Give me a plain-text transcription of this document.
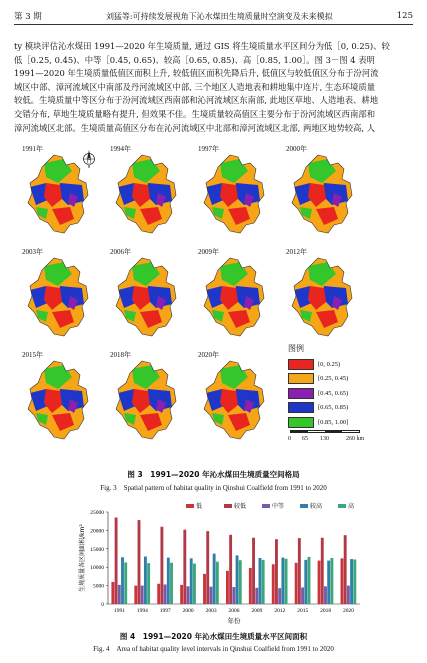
第 3 期	刘猛等:可持续发展视角下沁水煤田生境质量时空演变及未来模拟	125

ty 模块评估沁水煤田 1991—2020 年生境质量, 通过 GIS 将生境质量水平区间分为低［0, 0.25)、较

低［0.25, 0.45)、中等［0.45, 0.65)、较高［0.65, 0.85)、高［0.85, 1.00］。图 3－图 4 表明

1991—2020 年生境质量低值区面积上升, 较低值区面积先降后升, 低值区与较低值区分布于汾河流

域区中部、漳河流域区中南部及丹河流域区中部, 三个地区人造地表和耕地集中连片, 生态环境质量

较低。生境质量中等区分布于汾河流域区西南部和沁河流域区东南部, 此地区草地、人造地表、耕地

交错分布, 草地生境质量略有提升, 但效果不佳。生境质量较高值区主要分布于汾河流域区西南部和

漳河流域区北部。生境质量高值区分布在沁河流域区中北部和漳河流域区北部, 两地区地势较高, 人

1991年	1994年	1997年	2000年
2003年	2006年	2009年	2012年
2015年	2018年	2020年
图例
[0, 0.25)
[0.25, 0.45)
[0.45, 0.65)
[0.65, 0.85)
[0.85, 1.00]
0 65 130	260 km
图 3　1991—2020 年沁水煤田生境质量空间格局
Fig. 3　Spatial pattern of habitat quality in Qinshui Coalfield from 1991 to 2020
1991 1994 1997 2000 2003 2006 2009 2012 2015 2018 2020
0
5000
10000
15000
20000
25000
生境质量各区间面积/km²
年份
低	较低	中等	较高	高
图 4　1991—2020 年沁水煤田生境质量水平区间面积
Fig. 4　Area of habitat quality level intervals in Qinshui Coalfield from 1991 to 2020
